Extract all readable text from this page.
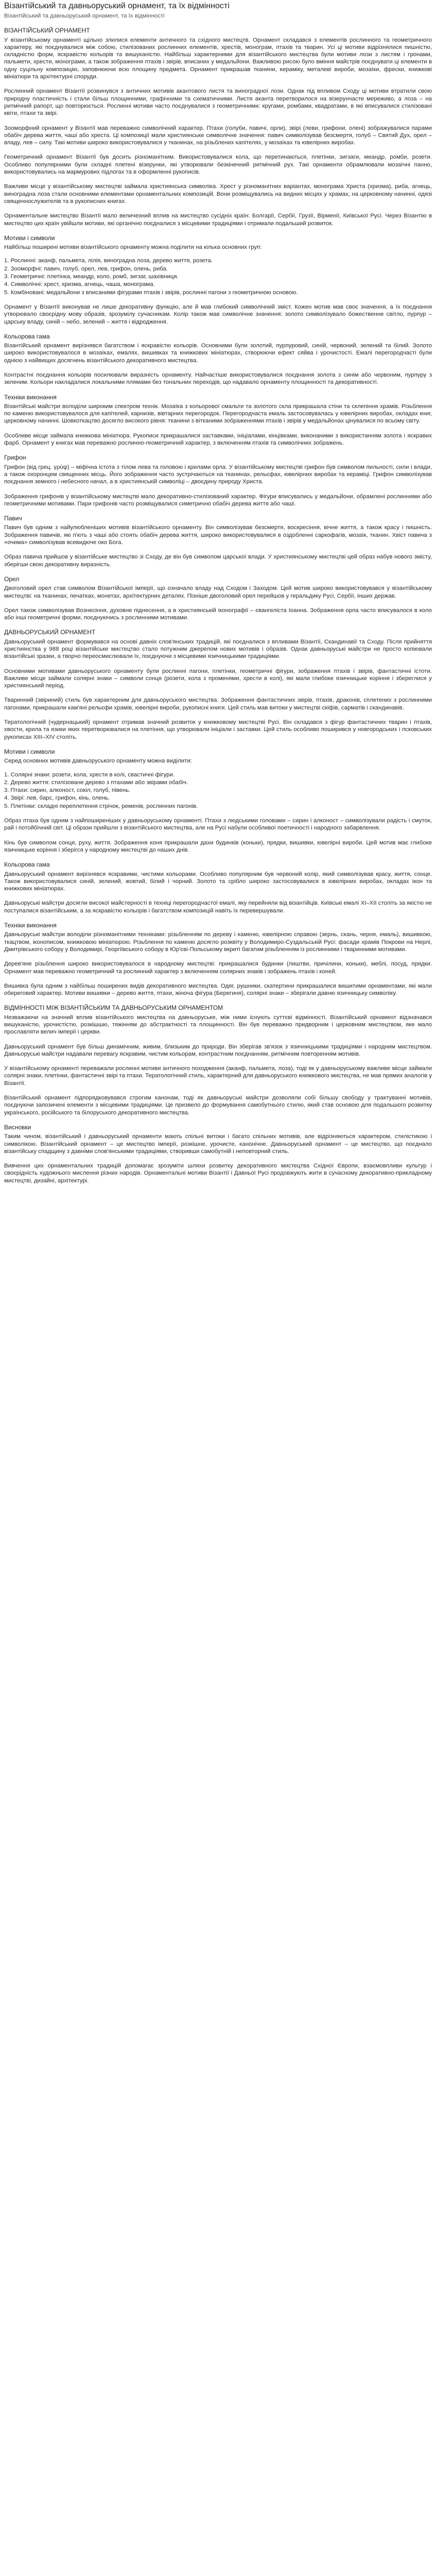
Візантійський та давньоруський орнамент, та їх відмінності
Візантійський та давньоруський орнамент, та їх відмінності
ВІЗАНТІЙСЬКИЙ ОРНАМЕНТ

У візантійському орнаменті щільно злилися елементи античного та східного мистецтв. Орнамент складався з елементів рослинного та геометричного характеру, які поєднувалися між собою, стилізованих рослинних елементів, хрестів, монограм, птахів та тварин. Усі ці мотиви відрізнялися пишністю, складністю форм, яскравістю кольорів та вишуканістю. Найбільш характерними для візантійського мистецтва були мотиви лози з листям і гронами, пальмети, хрести, монограми, а також зображення птахів і звірів, вписаних у медальйони. Важливою рисою було вміння майстрів поєднувати ці елементи в одну суцільну композицію, заповнюючи всю площину предмета. Орнамент прикрашав тканини, кераміку, металеві вироби, мозаїки, фрески, книжкові мініатюри та архітектурні споруди.

Рослинний орнамент Візантії розвинувся з античних мотивів акантового листя та виноградної лози. Однак під впливом Сходу ці мотиви втратили свою природну пластичність і стали більш площинними, графічними та схематичними. Листя аканта перетворилося на візерунчасте мереживо, а лоза – на ритмічний рапорт, що повторюється. Рослинні мотиви часто поєднувалися з геометричними: кругами, ромбами, квадратами, в які вписувалися стилізовані квіти, птахи та звірі.

Зооморфний орнамент у Візантії мав переважно символічний характер. Птахи (голуби, павичі, орли), звірі (леви, грифони, олені) зображувалися парами обабіч дерева життя, чаші або хреста. Ці композиції мали християнське символічне значення: павич символізував безсмертя, голуб – Святий Дух, орел – владу, лев – силу. Такі мотиви широко використовувалися у тканинах, на різьблених капітелях, у мозаїках та ювелірних виробах.

Геометричний орнамент Візантії був досить різноманітним. Використовувалися кола, що перетинаються, плетінки, зигзаги, меандр, ромби, розети. Особливо популярними були складні плетені візерунки, які утворювали безкінечний ритмічний рух. Такі орнаменти обрамлювали мозаїчні панно, використовувались на мармурових підлогах та в оформленні рукописів.

Важливе місце у візантійському мистецтві займала християнська символіка. Хрест у різноманітних варіантах, монограма Христа (хризма), риба, агнець, виноградна лоза стали основними елементами орнаментальних композицій. Вони розміщувались на видних місцях у храмах, на церковному начинні, одязі священнослужителів та в рукописних книгах.

Орнаментальне мистецтво Візантії мало величезний вплив на мистецтво сусідніх країн: Болгарії, Сербії, Грузії, Вірменії, Київської Русі. Через Візантію в мистецтво цих країн увійшли мотиви, які органічно поєдналися з місцевими традиціями і отримали подальший розвиток.

Мотиви і символи

Найбільш поширені мотиви візантійського орнаменту можна поділити на кілька основних груп:

1. Рослинні: аканф, пальмета, лілія, виноградна лоза, дерево життя, розета.
2. Зооморфні: павич, голуб, орел, лев, грифон, олень, риба.
3. Геометричні: плетінка, меандр, коло, ромб, зигзаг, шахівниця.
4. Символічні: хрест, хризма, агнець, чаша, монограма.
5. Комбіновані: медальйони з вписаними фігурами птахів і звірів, рослинні пагони з геометричною основою.

Орнамент у Візантії виконував не лише декоративну функцію, але й мав глибокий символічний зміст. Кожен мотив мав своє значення, а їх поєднання утворювало своєрідну мову образів, зрозумілу сучасникам. Колір також мав символічне значення: золото символізувало божественне світло, пурпур – царську владу, синій – небо, зелений – життя і відродження.

Кольорова гама

Візантійський орнамент вирізнявся багатством і яскравістю кольорів. Основними були золотий, пурпуровий, синій, червоний, зелений та білий. Золото широко використовувалося в мозаїках, емалях, вишивках та книжкових мініатюрах, створюючи ефект сяйва і урочистості. Емалі перегородчасті були однією з найвищих досягнень візантійського декоративного мистецтва.

Контрастні поєднання кольорів посилювали виразність орнаменту. Найчастіше використовувалися поєднання золота з синім або червоним, пурпуру з зеленим. Кольори накладалися локальними плямами без тональних переходів, що надавало орнаменту площинності та декоративності.

Техніки виконання

Візантійські майстри володіли широким спектром технік. Мозаїка з кольорової смальти та золотого скла прикрашала стіни та склепіння храмів. Різьблення по каменю використовувалося для капітелей, карнизів, вівтарних перегородок. Перегородчаста емаль застосовувалась у ювелірних виробах, окладах книг, церковному начинні. Шовкоткацтво досягло високого рівня: тканини з вітканими зображеннями птахів і звірів у медальйонах цінувалися по всьому світу.

Особливе місце займала книжкова мініатюра. Рукописи прикрашалися заставками, ініціалами, кінцівками, виконаними з використанням золота і яскравих фарб. Орнамент у книгах мав переважно рослинно-геометричний характер, з включенням птахів та символічних зображень.

Грифон

Грифон (від грец. γρύψ) – міфічна істота з тілом лева та головою і крилами орла. У візантійському мистецтві грифон був символом пильності, сили і влади, а також охоронцем священних місць. Його зображення часто зустрічаються на тканинах, рельєфах, ювелірних виробах та кераміці. Грифон символізував поєднання земного і небесного начал, а в християнській символіці – двоєдину природу Христа.

Зображення грифонів у візантійському мистецтві мало декоративно-стилізований характер. Фігури вписувались у медальйони, обрамлені рослинними або геометричними мотивами. Пари грифонів часто розміщувалися симетрично обабіч дерева життя або чаші.

Павич

Павич був одним з найулюбленіших мотивів візантійського орнаменту. Він символізував безсмертя, воскресіння, вічне життя, а також красу і пишність. Зображення павичів, які п'ють з чаші або стоять обабіч дерева життя, широко використовувалися в оздобленні саркофагів, мозаїк, тканин. Хвіст павича з «очима» символізував всевидюче око Бога.

Образ павича прийшов у візантійське мистецтво зі Сходу, де він був символом царської влади. У християнському мистецтві цей образ набув нового змісту, зберігши свою декоративну виразність.

Орел

Двоголовий орел став символом Візантійської імперії, що означало владу над Сходом і Заходом. Цей мотив широко використовувався у візантійському мистецтві: на тканинах, печатках, монетах, архітектурних деталях. Пізніше двоголовий орел перейшов у геральдику Русі, Сербії, інших держав.

Орел також символізував Вознесіння, духовне піднесення, а в християнській іконографії – євангеліста Іоанна. Зображення орла часто вписувалося в коло або інші геометричні форми, поєднуючись з рослинними мотивами.

ДАВНЬОРУСЬКИЙ ОРНАМЕНТ

Давньоруський орнамент формувався на основі давніх слов'янських традицій, які поєдналися з впливами Візантії, Скандинавії та Сходу. Після прийняття християнства у 988 році візантійське мистецтво стало потужним джерелом нових мотивів і образів. Однак давньоруські майстри не просто копіювали візантійські зразки, а творчо переосмислювали їх, поєднуючи з місцевими язичницькими традиціями.

Основними мотивами давньоруського орнаменту були рослинні пагони, плетінки, геометричні фігури, зображення птахів і звірів, фантастичні істоти. Важливе місце займали солярні знаки – символи сонця (розети, кола з променями, хрести в колі), які мали глибоке язичницьке коріння і збереглися у християнський період.

Тваринний (звіриний) стиль був характерним для давньоруського мистецтва. Зображення фантастичних звірів, птахів, драконів, сплетених з рослинними пагонами, прикрашали кам'яні рельєфи храмів, ювелірні вироби, рукописні книги. Цей стиль мав витоки у мистецтві скіфів, сарматів і скандинавів.

Тератологічний (чудернацький) орнамент отримав значний розвиток у книжковому мистецтві Русі. Він складався з фігур фантастичних тварин і птахів, хвости, крила та язики яких перетворювалися на плетіння, що утворювали ініціали і заставки. Цей стиль особливо поширився у новгородських і псковських рукописах XIII–XIV століть.

Мотиви і символи

Серед основних мотивів давньоруського орнаменту можна виділити:

1. Солярні знаки: розети, кола, хрести в колі, свастичні фігури.
2. Дерево життя: стилізоване дерево з птахами або звірами обабіч.
3. Птахи: сирин, алконост, сокіл, голуб, півень.
4. Звірі: лев, барс, грифон, кінь, олень.
5. Плетінки: складні переплетення стрічок, ременів, рослинних пагонів.

Образ птаха був одним з найпоширеніших у давньоруському орнаменті. Птахи з людськими головами – сирин і алконост – символізували радість і смуток, рай і потойбічний світ. Ці образи прийшли з візантійського мистецтва, але на Русі набули особливої поетичності і народного забарвлення.

Кінь був символом сонця, руху, життя. Зображення коня прикрашали дахи будинків (коньки), прядки, вишивки, ювелірні вироби. Цей мотив має глибоке язичницьке коріння і зберігся у народному мистецтві до наших днів.

Кольорова гама

Давньоруський орнамент вирізнявся яскравими, чистими кольорами. Особливо популярним був червоний колір, який символізував красу, життя, сонце. Також використовувалися синій, зелений, жовтий, білий і чорний. Золото та срібло широко застосовувалися в ювелірних виробах, окладах ікон та книжкових мініатюрах.

Давньоруські майстри досягли високої майстерності в техніці перегородчастої емалі, яку перейняли від візантійців. Київські емалі XI–XII століть за якістю не поступалися візантійським, а за яскравістю кольорів і багатством композицій навіть їх перевершували.

Техніки виконання

Давньоруські майстри володіли різноманітними техніками: різьбленням по дереву і каменю, ювелірною справою (зернь, скань, черня, емаль), вишивкою, ткацтвом, іконописом, книжковою мініатюрою. Різьблення по каменю досягло розквіту у Володимиро-Суздальській Русі: фасади храмів Покрови на Нерлі, Дмитрівського собору у Володимирі, Георгіївського собору в Юр'єві-Польському вкриті багатим різьбленням із рослинними і тваринними мотивами.

Дерев'яне різьблення широко використовувалося в народному мистецтві: прикрашалися будинки (лиштви, причілини, коньки), меблі, посуд, прядки. Орнамент мав переважно геометричний та рослинний характер з включенням солярних знаків і зображень птахів і коней.

Вишивка була одним з найбільш поширених видів декоративного мистецтва. Одяг, рушники, скатертини прикрашалися вишитими орнаментами, які мали обереговий характер. Мотиви вишивки – дерево життя, птахи, жіноча фігура (Берегиня), солярні знаки – зберігали давню язичницьку символіку.

ВІДМІННОСТІ МІЖ ВІЗАНТІЙСЬКИМ ТА ДАВНЬОРУСЬКИМ ОРНАМЕНТОМ

Незважаючи на значний вплив візантійського мистецтва на давньоруське, між ними існують суттєві відмінності. Візантійський орнамент відзначався вишуканістю, урочистістю, розкішшю, тяжінням до абстрактності та площинності. Він був переважно придворним і церковним мистецтвом, яке мало прославляти велич імперії і церкви.

Давньоруський орнамент був більш динамічним, живим, близьким до природи. Він зберігав зв'язок з язичницькими традиціями і народним мистецтвом. Давньоруські майстри надавали перевагу яскравим, чистим кольорам, контрастним поєднанням, ритмічним повторенням мотивів.

У візантійському орнаменті переважали рослинні мотиви античного походження (аканф, пальмета, лоза), тоді як у давньоруському важливе місце займали солярні знаки, плетінки, фантастичні звірі та птахи. Тератологічний стиль, характерний для давньоруського книжкового мистецтва, не мав прямих аналогів у Візантії.

Візантійський орнамент підпорядковувався строгим канонам, тоді як давньоруські майстри дозволяли собі більшу свободу у трактуванні мотивів, поєднуючи запозичені елементи з місцевими традиціями. Це призвело до формування самобутнього стилю, який став основою для подальшого розвитку українського, російського та білоруського декоративного мистецтва.

Висновки

Таким чином, візантійський і давньоруський орнаменти мають спільні витоки і багато спільних мотивів, але відрізняються характером, стилістикою і символікою. Візантійський орнамент – це мистецтво імперії, розкішне, урочисте, канонічне. Давньоруський орнамент – це мистецтво, що поєднало візантійську спадщину з давніми слов'янськими традиціями, створивши самобутній і неповторний стиль.

Вивчення цих орнаментальних традицій допомагає зрозуміти шляхи розвитку декоративного мистецтва Східної Європи, взаємовпливи культур і своєрідність художнього мислення різних народів. Орнаментальні мотиви Візантії і Давньої Русі продовжують жити в сучасному декоративно-прикладному мистецтві, дизайні, архітектурі.
